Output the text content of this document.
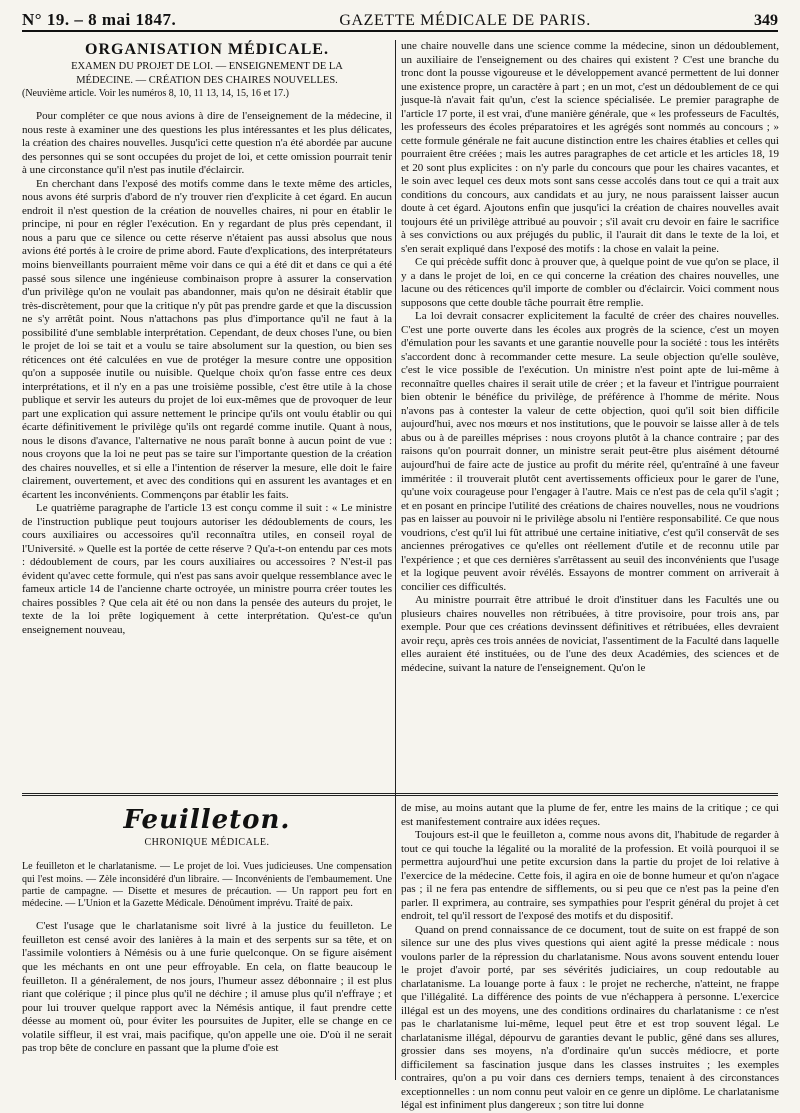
N° 19. – 8 mai 1847.	GAZETTE MÉDICALE DE PARIS.	349

ORGANISATION MÉDICALE.

EXAMEN DU PROJET DE LOI. — ENSEIGNEMENT DE LA

MÉDECINE. — CRÉATION DES CHAIRES NOUVELLES.

(Neuvième article. Voir les numéros 8, 10, 11 13, 14, 15, 16 et 17.)

Pour compléter ce que nous avions à dire de l'enseignement de la médecine, il nous reste à examiner une des questions les plus intéressantes et les plus délicates, la création des chaires nouvelles. Jusqu'ici cette question n'a été abordée par aucune des personnes qui se sont occupées du projet de loi, et cette omission pourrait tenir à une circonstance qu'il n'est pas inutile d'éclaircir.

En cherchant dans l'exposé des motifs comme dans le texte même des articles, nous avons été surpris d'abord de n'y trouver rien d'explicite à cet égard. En aucun endroit il n'est question de la création de nouvelles chaires, ni pour en établir le principe, ni pour en régler l'exécution. En y regardant de plus près cependant, il nous a paru que ce silence ou cette réserve n'étaient pas aussi absolus que nous avions été portés à le croire de prime abord. Faute d'explications, des interprétateurs moins bienveillants pourraient même voir dans ce qui a été dit et dans ce qui a été passé sous silence une ingénieuse combinaison propre à assurer la conservation d'un privilège qu'on ne voulait pas abandonner, mais qu'on ne désirait établir que très-discrètement, pour que la critique n'y pût pas prendre garde et que la discussion ne s'y arrêtât point. Nous n'attachons pas plus d'importance qu'il ne faut à la possibilité d'une semblable interprétation. Cependant, de deux choses l'une, ou bien le projet de loi se tait et a voulu se taire absolument sur la question, ou bien ses réticences ont été calculées en vue de protéger la mesure contre une opposition qu'on a supposée inutile ou nuisible. Quelque choix qu'on fasse entre ces deux interprétations, et il n'y en a pas une troisième possible, c'est être utile à la chose publique et servir les auteurs du projet de loi eux-mêmes que de provoquer de leur part une explication qui assure nettement le principe qu'ils ont voulu établir ou qui écarte définitivement le privilège qu'ils ont regardé comme inutile. Quant à nous, nous le disons d'avance, l'alternative ne nous paraît bonne à aucun point de vue : nous croyons que la loi ne peut pas se taire sur l'importante question de la création des chaires nouvelles, et si elle a l'intention de réserver la mesure, elle doit le faire clairement, ouvertement, et avec des conditions qui en assurent les avantages et en écartent les inconvénients. Commençons par établir les faits.

Le quatrième paragraphe de l'article 13 est conçu comme il suit : « Le ministre de l'instruction publique peut toujours autoriser les dédoublements de cours, les cours auxiliaires ou accessoires qu'il reconnaîtra utiles, en conseil royal de l'Université. » Quelle est la portée de cette réserve ? Qu'a-t-on entendu par ces mots : dédoublement de cours, par les cours auxiliaires ou accessoires ? N'est-il pas évident qu'avec cette formule, qui n'est pas sans avoir quelque ressemblance avec le fameux article 14 de l'ancienne charte octroyée, un ministre pourra créer toutes les chaires possibles ? Que cela ait été ou non dans la pensée des auteurs du projet, le texte de la loi prête logiquement à cette interprétation. Qu'est-ce qu'un enseignement nouveau,

une chaire nouvelle dans une science comme la médecine, sinon un dédoublement, un auxiliaire de l'enseignement ou des chaires qui existent ? C'est une branche du tronc dont la pousse vigoureuse et le développement avancé permettent de lui donner une existence propre, un caractère à part ; en un mot, c'est un dédoublement de ce qui jusque-là n'avait fait qu'un, c'est la science spécialisée. Le premier paragraphe de l'article 17 porte, il est vrai, d'une manière générale, que « les professeurs de Facultés, les professeurs des écoles préparatoires et les agrégés sont nommés au concours ; » cette formule générale ne fait aucune distinction entre les chaires établies et celles qui pourraient être créées ; mais les autres paragraphes de cet article et les articles 18, 19 et 20 sont plus explicites : on n'y parle du concours que pour les chaires vacantes, et le soin avec lequel ces deux mots sont sans cesse accolés dans tout ce qui a trait aux conditions du concours, aux candidats et au jury, ne nous paraissent laisser aucun doute à cet égard. Ajoutons enfin que jusqu'ici la création de chaires nouvelles avait toujours été un privilège attribué au pouvoir ; s'il avait cru devoir en faire le sacrifice à ses convictions ou aux préjugés du public, il l'aurait dit dans le texte de la loi, et s'en serait expliqué dans l'exposé des motifs : la chose en valait la peine.

Ce qui précède suffit donc à prouver que, à quelque point de vue qu'on se place, il y a dans le projet de loi, en ce qui concerne la création des chaires nouvelles, une lacune ou des réticences qu'il importe de combler ou d'éclaircir. Voici comment nous supposons que cette double tâche pourrait être remplie.

La loi devrait consacrer explicitement la faculté de créer des chaires nouvelles. C'est une porte ouverte dans les écoles aux progrès de la science, c'est un moyen d'émulation pour les savants et une garantie nouvelle pour la société : tous les intérêts s'accordent donc à recommander cette mesure. La seule objection qu'elle soulève, c'est le vice possible de l'exécution. Un ministre n'est point apte de lui-même à reconnaître quelles chaires il serait utile de créer ; et la faveur et l'intrigue pourraient bien obtenir le bénéfice du privilège, de préférence à l'homme de mérite. Nous n'avons pas à contester la valeur de cette objection, quoi qu'il soit bien difficile aujourd'hui, avec nos mœurs et nos institutions, que le pouvoir se laisse aller à de tels abus ou à de pareilles méprises : nous croyons plutôt à la chance contraire ; par des raisons qu'on pourrait donner, un ministre serait peut-être plus aisément détourné aujourd'hui de faire acte de justice au profit du mérite réel, qu'entraîné à une faveur imméritée : il trouverait plutôt cent avertissements officieux pour le garer de l'une, qu'une voix courageuse pour l'engager à l'autre. Mais ce n'est pas de cela qu'il s'agit ; et en posant en principe l'utilité des créations de chaires nouvelles, nous ne voudrions pas en laisser au pouvoir ni le privilège absolu ni l'entière responsabilité. Ce que nous voudrions, c'est qu'il lui fût attribué une certaine initiative, c'est qu'il conservât de ses anciennes prérogatives ce qu'elles ont réellement d'utile et de reconnu utile par l'expérience ; et que ces dernières s'arrêtassent au seuil des inconvénients que l'usage et la logique peuvent avoir révélés. Essayons de montrer comment on arriverait à concilier ces difficultés.

Au ministre pourrait être attribué le droit d'instituer dans les Facultés une ou plusieurs chaires nouvelles non rétribuées, à titre provisoire, pour trois ans, par exemple. Pour que ces créations devinssent définitives et rétribuées, elles devraient avoir reçu, après ces trois années de noviciat, l'assentiment de la Faculté dans laquelle elles auraient été instituées, ou de l'une des deux Académies, des sciences et de médecine, suivant la nature de l'enseignement. Qu'on le

Feuilleton.

CHRONIQUE MÉDICALE.

Le feuilleton et le charlatanisme. — Le projet de loi. Vues judicieuses. Une compensation qui l'est moins. — Zèle inconsidéré d'un libraire. — Inconvénients de l'embaumement. Une partie de campagne. — Disette et mesures de précaution. — Un rapport peu fort en médecine. — L'Union et la Gazette Médicale. Dénoûment imprévu. Traité de paix.

C'est l'usage que le charlatanisme soit livré à la justice du feuilleton. Le feuilleton est censé avoir des lanières à la main et des serpents sur sa tête, et on l'assimile volontiers à Némésis ou à une furie quelconque. On se figure aisément que les méchants en ont une peur effroyable. En cela, on flatte beaucoup le feuilleton. Il a généralement, de nos jours, l'humeur assez débonnaire ; il est plus riant que colérique ; il pince plus qu'il ne déchire ; il amuse plus qu'il n'effraye ; et pour lui trouver quelque rapport avec la Némésis antique, il faut prendre cette déesse au moment où, pour éviter les poursuites de Jupiter, elle se change en ce volatile siffleur, il est vrai, mais pacifique, qu'on appelle une oie. D'où il ne serait pas trop bête de conclure en passant que la plume d'oie est

de mise, au moins autant que la plume de fer, entre les mains de la critique ; ce qui est manifestement contraire aux idées reçues.

Toujours est-il que le feuilleton a, comme nous avons dit, l'habitude de regarder à tout ce qui touche la légalité ou la moralité de la profession. Et voilà pourquoi il se permettra aujourd'hui une petite excursion dans la partie du projet de loi relative à l'exercice de la médecine. Cette fois, il agira en oie de bonne humeur et qu'on n'agace pas ; il ne fera pas entendre de sifflements, ou si peu que ce n'est pas la peine d'en parler. Il exprimera, au contraire, ses sympathies pour l'esprit général du projet à cet endroit, tel qu'il ressort de l'exposé des motifs et du dispositif.

Quand on prend connaissance de ce document, tout de suite on est frappé de son silence sur une des plus vives questions qui aient agité la presse médicale : nous voulons parler de la répression du charlatanisme. Nous avons souvent entendu louer le projet d'avoir porté, par ses sévérités judiciaires, un coup redoutable au charlatanisme. La louange porte à faux : le projet ne recherche, n'atteint, ne frappe que l'illégalité. La différence des points de vue n'échappera à personne. L'exercice illégal est un des moyens, une des conditions ordinaires du charlatanisme : ce n'est pas le charlatanisme lui-même, lequel peut être et est trop souvent légal. Le charlatanisme illégal, dépourvu de garanties devant le public, gêné dans ses allures, grossier dans ses moyens, n'a d'ordinaire qu'un succès médiocre, et porte difficilement sa fascination jusque dans les classes instruites ; les exemples contraires, qu'on a pu voir dans ces derniers temps, tenaient à des circonstances exceptionnelles : un nom connu peut valoir en ce genre un diplôme. Le charlatanisme légal est infiniment plus dangereux ; son titre lui donne
